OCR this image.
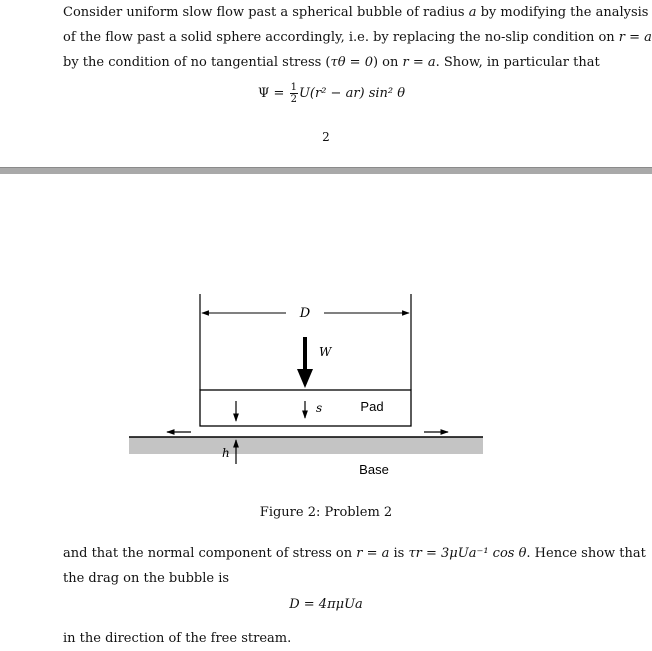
Consider uniform slow flow past a spherical bubble of radius a by modifying the analysis

of the flow past a solid sphere accordingly, i.e. by replacing the no-slip condition on r = a

by the condition of no tangential stress (τθ = 0) on r = a. Show, in particular that

$\Psi = \frac{1}{2} U(r^2 - ar)$ sin² θ
2
D
W
s	Pad
h
Base
Figure 2: Problem 2

and that the normal component of stress on r = a is τr = 3μUa⁻¹ cos θ. Hence show that

the drag on the bubble is

D = 4πμUa

in the direction of the free stream.
